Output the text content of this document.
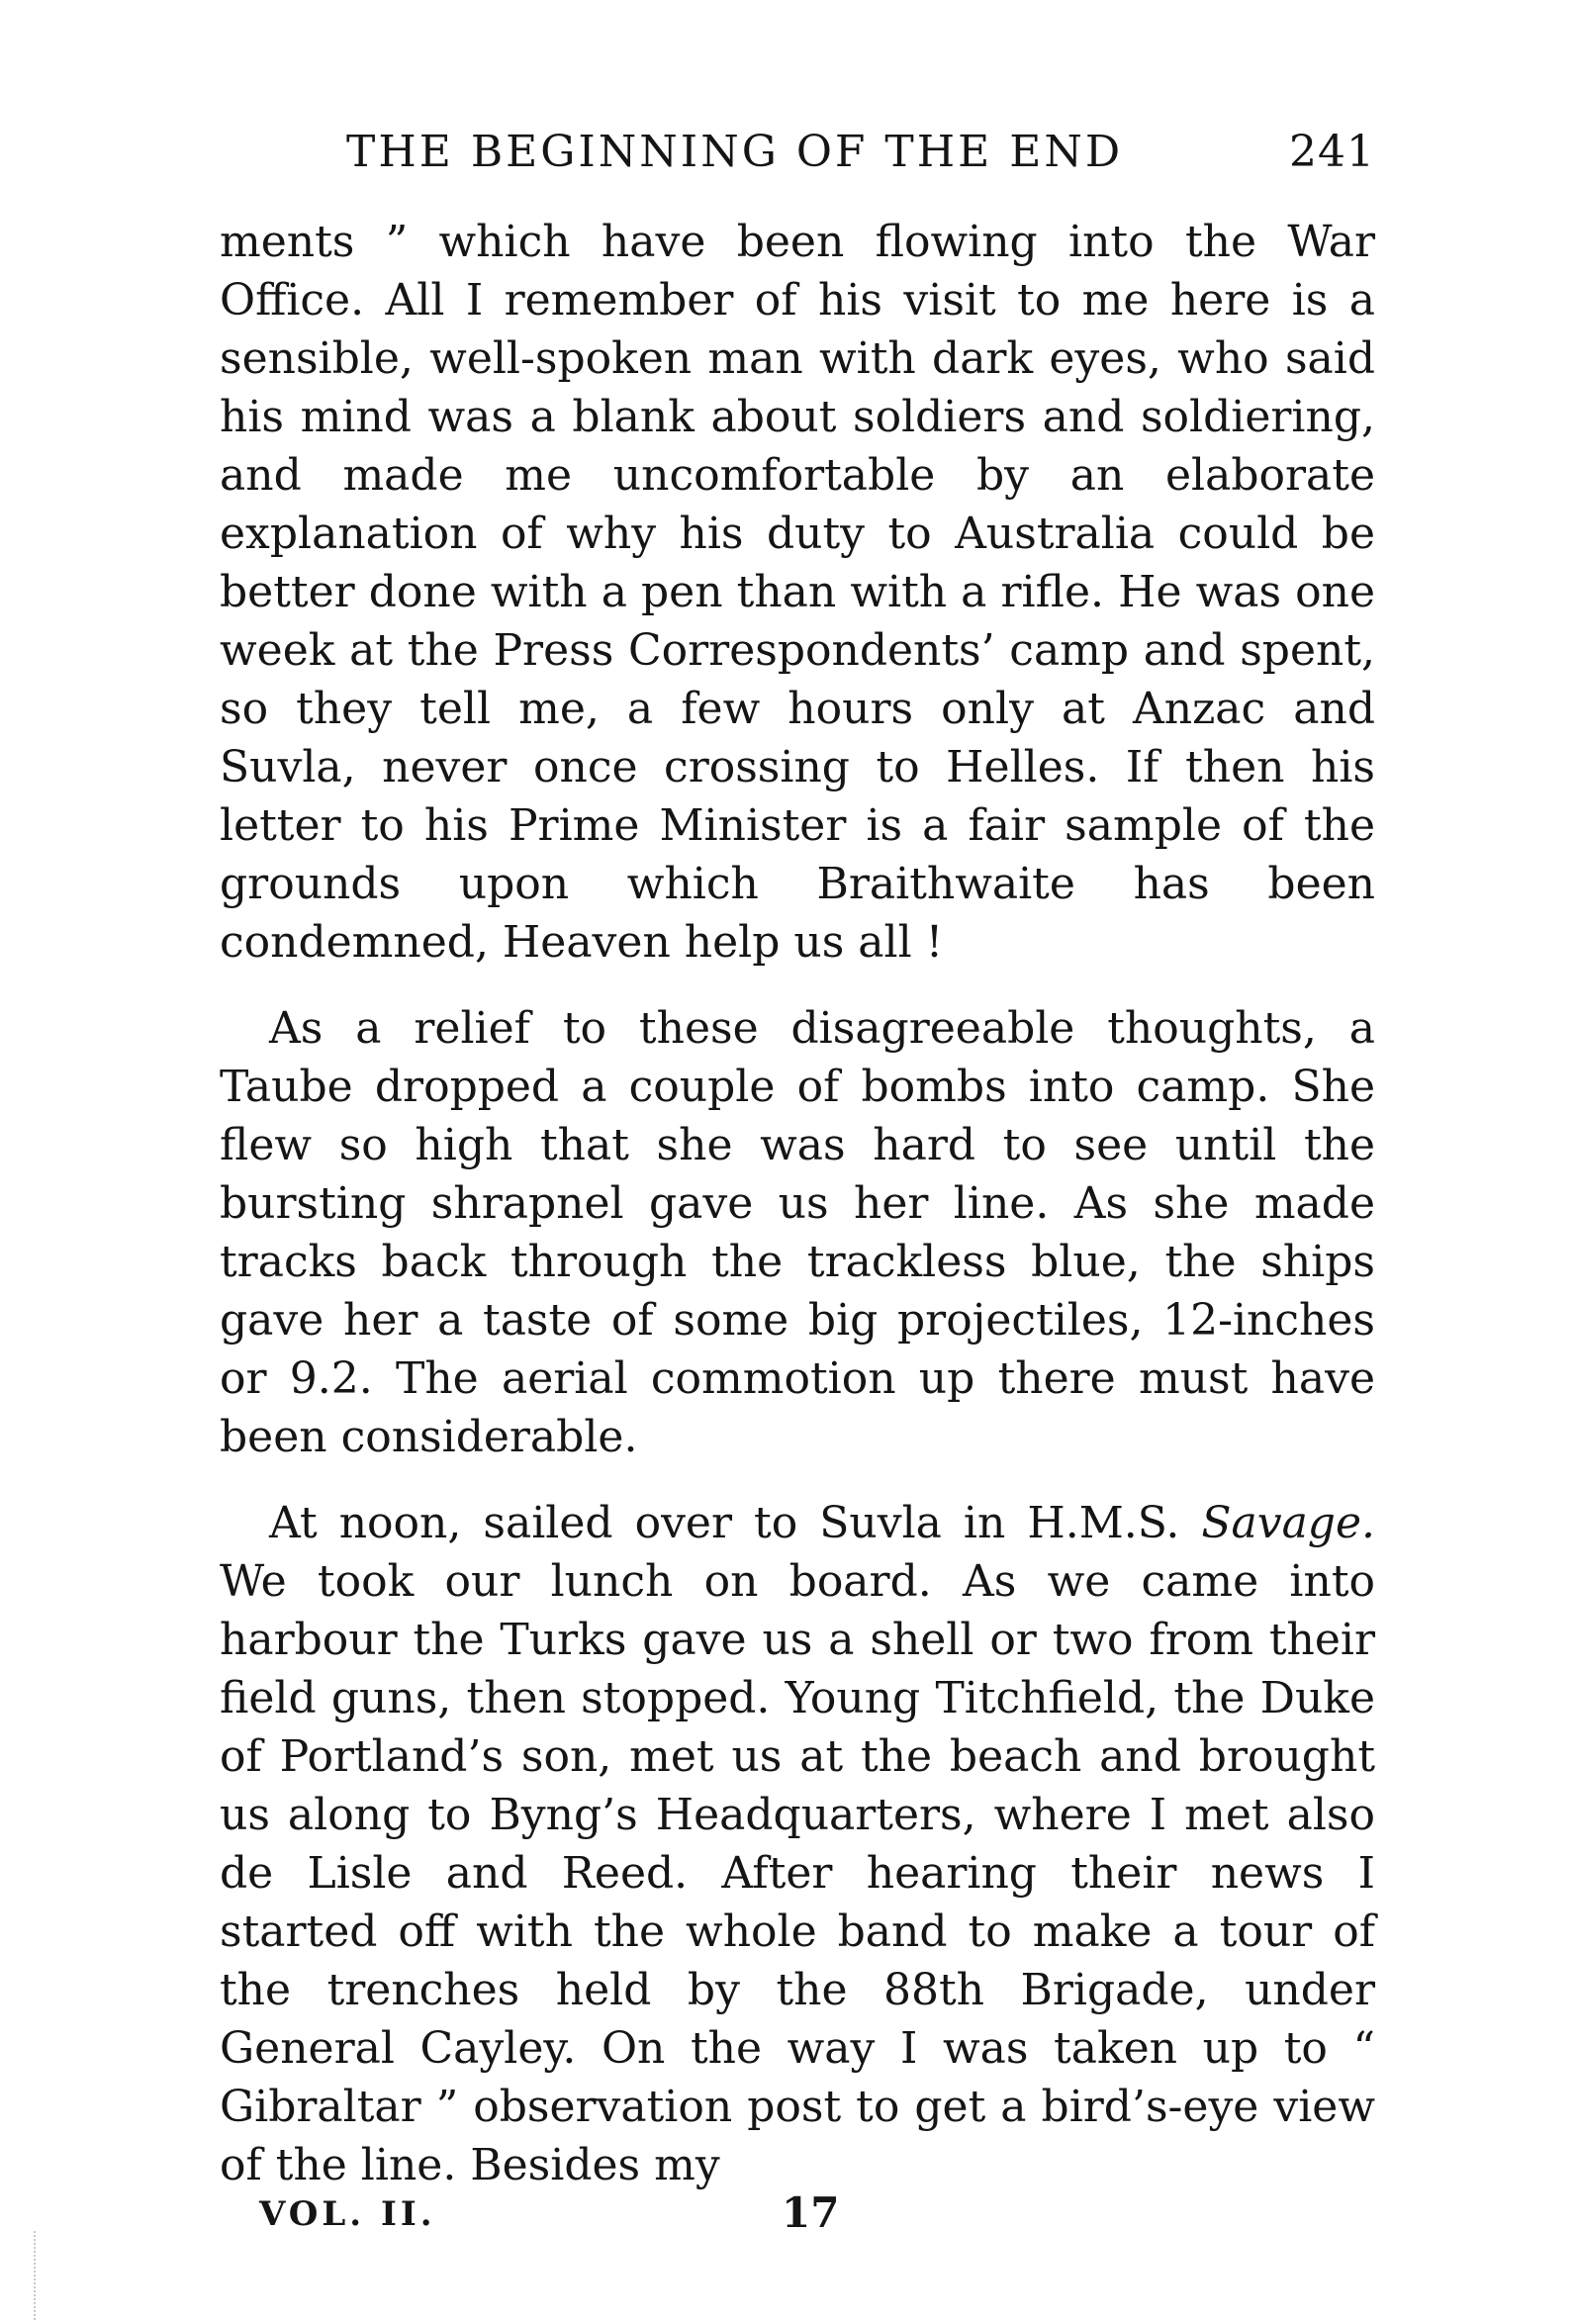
THE BEGINNING OF THE END	241

ments ” which have been flowing into the War Office. All I remember of his visit to me here is a sensible, well-spoken man with dark eyes, who said his mind was a blank about soldiers and soldiering, and made me uncomfortable by an elaborate explanation of why his duty to Australia could be better done with a pen than with a rifle. He was one week at the Press Correspondents’ camp and spent, so they tell me, a few hours only at Anzac and Suvla, never once crossing to Helles. If then his letter to his Prime Minister is a fair sample of the grounds upon which Braithwaite has been condemned, Heaven help us all !

As a relief to these disagreeable thoughts, a Taube dropped a couple of bombs into camp. She flew so high that she was hard to see until the bursting shrapnel gave us her line. As she made tracks back through the trackless blue, the ships gave her a taste of some big projectiles, 12-inches or 9.2. The aerial commotion up there must have been considerable.

At noon, sailed over to Suvla in H.M.S. Savage. We took our lunch on board. As we came into harbour the Turks gave us a shell or two from their field guns, then stopped. Young Titchfield, the Duke of Portland’s son, met us at the beach and brought us along to Byng’s Headquarters, where I met also de Lisle and Reed. After hearing their news I started off with the whole band to make a tour of the trenches held by the 88th Brigade, under General Cayley. On the way I was taken up to “ Gibraltar ” observation post to get a bird’s-eye view of the line. Besides my

VOL. II.	17
